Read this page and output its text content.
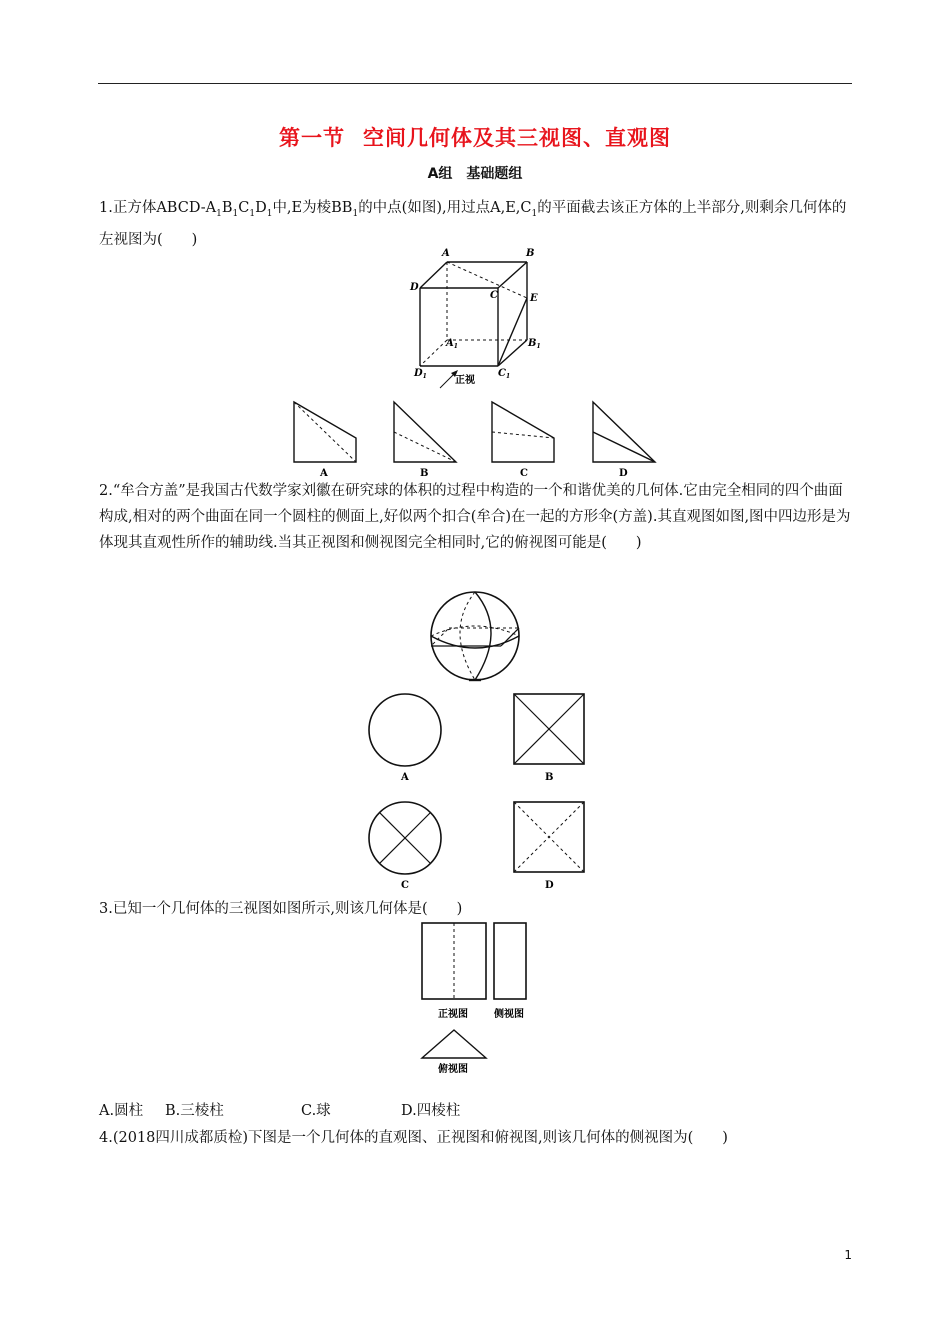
第一节 空间几何体及其三视图、直观图
A组 基础题组

1.正方体ABCD-$A_1B_1C_1D_1$中,E为棱$BB_1$的中点(如图),用过点$A,E,C_1$的平面截去该正方体的上半部分,则剩余几何体的左视图为(　　)

A	B
D
C	E
$A_1$	$B_1$
$D_1$	$C_1$
正视
A	B	C	D

2.“牟合方盖”是我国古代数学家刘徽在研究球的体积的过程中构造的一个和谐优美的几何体.它由完全相同的四个曲面构成,相对的两个曲面在同一个圆柱的侧面上,好似两个扣合(牟合)在一起的方形伞(方盖).其直观图如图,图中四边形是为体现其直观性所作的辅助线.当其正视图和侧视图完全相同时,它的俯视图可能是(　　)

A	B
C	D

3.已知一个几何体的三视图如图所示,则该几何体是(　　)

正视图	侧视图
俯视图
A.圆柱 B.三棱柱	C.球	D.四棱柱

4.(2018四川成都质检)下图是一个几何体的直观图、正视图和俯视图,则该几何体的侧视图为(　　)

1
